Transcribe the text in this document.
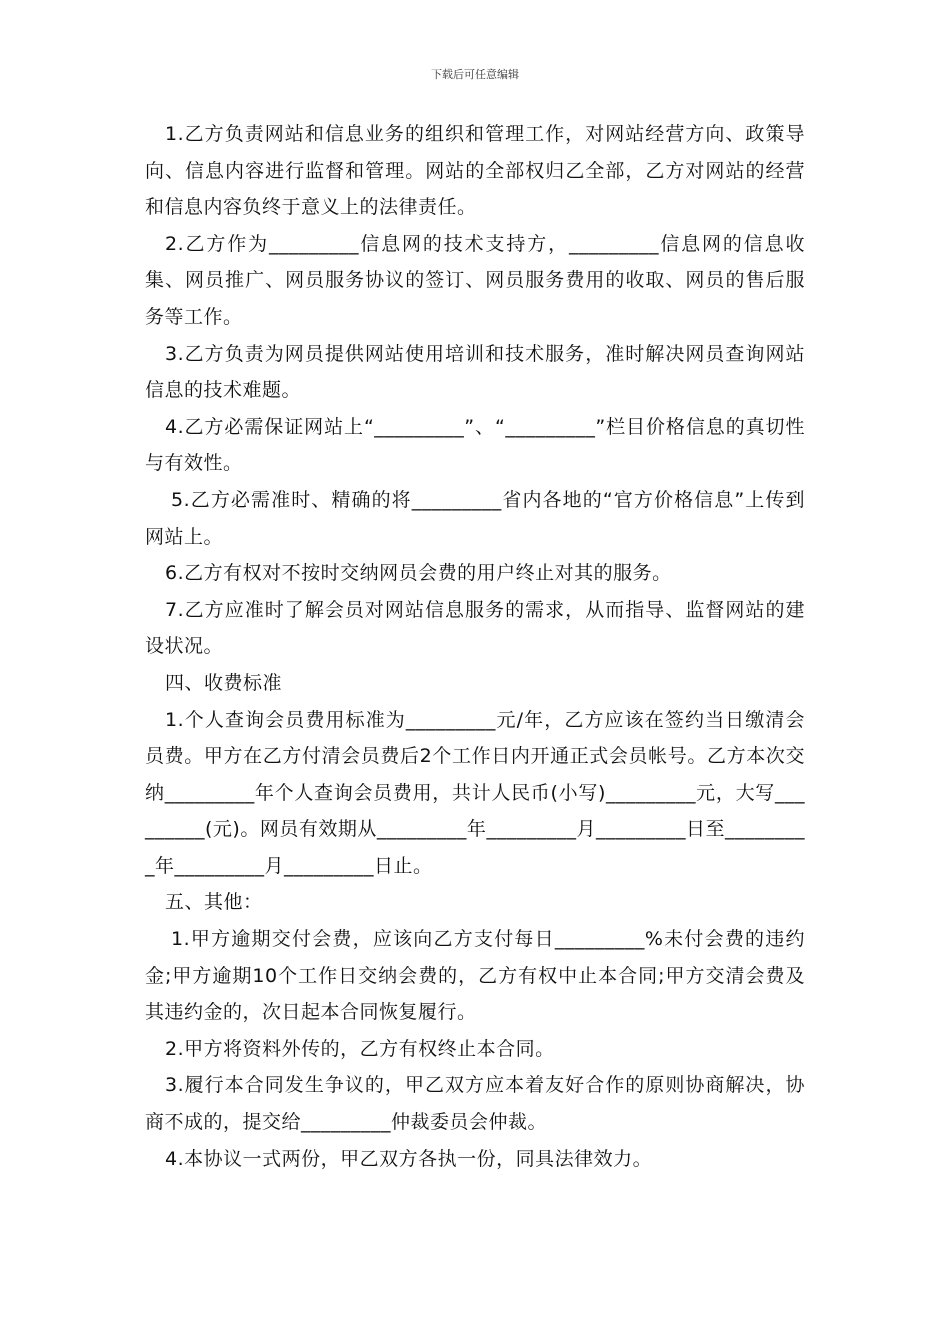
下载后可任意编辑

1.乙方负责网站和信息业务的组织和管理工作，对网站经营方向、政策导向、信息内容进行监督和管理。网站的全部权归乙全部，乙方对网站的经营和信息内容负终于意义上的法律责任。

2.乙方作为_________信息网的技术支持方，_________信息网的信息收集、网员推广、网员服务协议的签订、网员服务费用的收取、网员的售后服务等工作。

3.乙方负责为网员提供网站使用培训和技术服务，准时解决网员查询网站信息的技术难题。

4.乙方必需保证网站上“_________”、“_________”栏目价格信息的真切性与有效性。

5.乙方必需准时、精确的将_________省内各地的“官方价格信息”上传到网站上。

6.乙方有权对不按时交纳网员会费的用户终止对其的服务。

7.乙方应准时了解会员对网站信息服务的需求，从而指导、监督网站的建设状况。

四、收费标准

1.个人查询会员费用标准为_________元/年，乙方应该在签约当日缴清会员费。甲方在乙方付清会员费后2个工作日内开通正式会员帐号。乙方本次交纳_________年个人查询会员费用，共计人民币(小写)_________元，大写_________(元)。网员有效期从_________年_________月_________日至_________年_________月_________日止。

五、其他：

1.甲方逾期交付会费，应该向乙方支付每日_________%未付会费的违约金;甲方逾期10个工作日交纳会费的，乙方有权中止本合同;甲方交清会费及其违约金的，次日起本合同恢复履行。

2.甲方将资料外传的，乙方有权终止本合同。

3.履行本合同发生争议的，甲乙双方应本着友好合作的原则协商解决，协商不成的，提交给_________仲裁委员会仲裁。

4.本协议一式两份，甲乙双方各执一份，同具法律效力。
